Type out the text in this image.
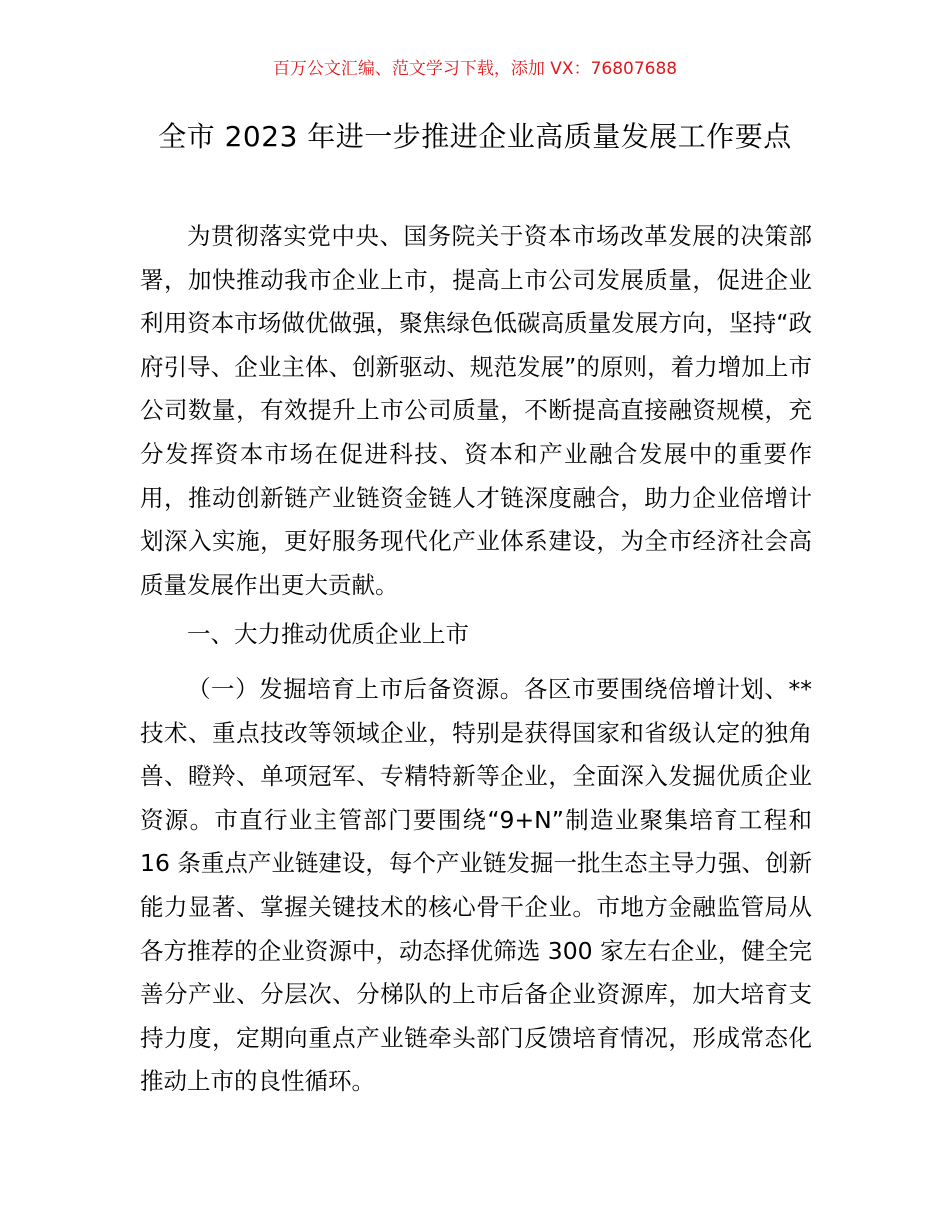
百万公文汇编、范文学习下载，添加 VX：76807688
全市 2023 年进一步推进企业高质量发展工作要点

为贯彻落实党中央、国务院关于资本市场改革发展的决策部署，加快推动我市企业上市，提高上市公司发展质量，促进企业利用资本市场做优做强，聚焦绿色低碳高质量发展方向，坚持“政府引导、企业主体、创新驱动、规范发展”的原则，着力增加上市公司数量，有效提升上市公司质量，不断提高直接融资规模，充分发挥资本市场在促进科技、资本和产业融合发展中的重要作用，推动创新链产业链资金链人才链深度融合，助力企业倍增计划深入实施，更好服务现代化产业体系建设，为全市经济社会高质量发展作出更大贡献。

一、大力推动优质企业上市

（一）发掘培育上市后备资源。各区市要围绕倍增计划、**技术、重点技改等领域企业，特别是获得国家和省级认定的独角兽、瞪羚、单项冠军、专精特新等企业，全面深入发掘优质企业资源。市直行业主管部门要围绕“9+N”制造业聚集培育工程和 16 条重点产业链建设，每个产业链发掘一批生态主导力强、创新能力显著、掌握关键技术的核心骨干企业。市地方金融监管局从各方推荐的企业资源中，动态择优筛选 300 家左右企业，健全完善分产业、分层次、分梯队的上市后备企业资源库，加大培育支持力度，定期向重点产业链牵头部门反馈培育情况，形成常态化推动上市的良性循环。
